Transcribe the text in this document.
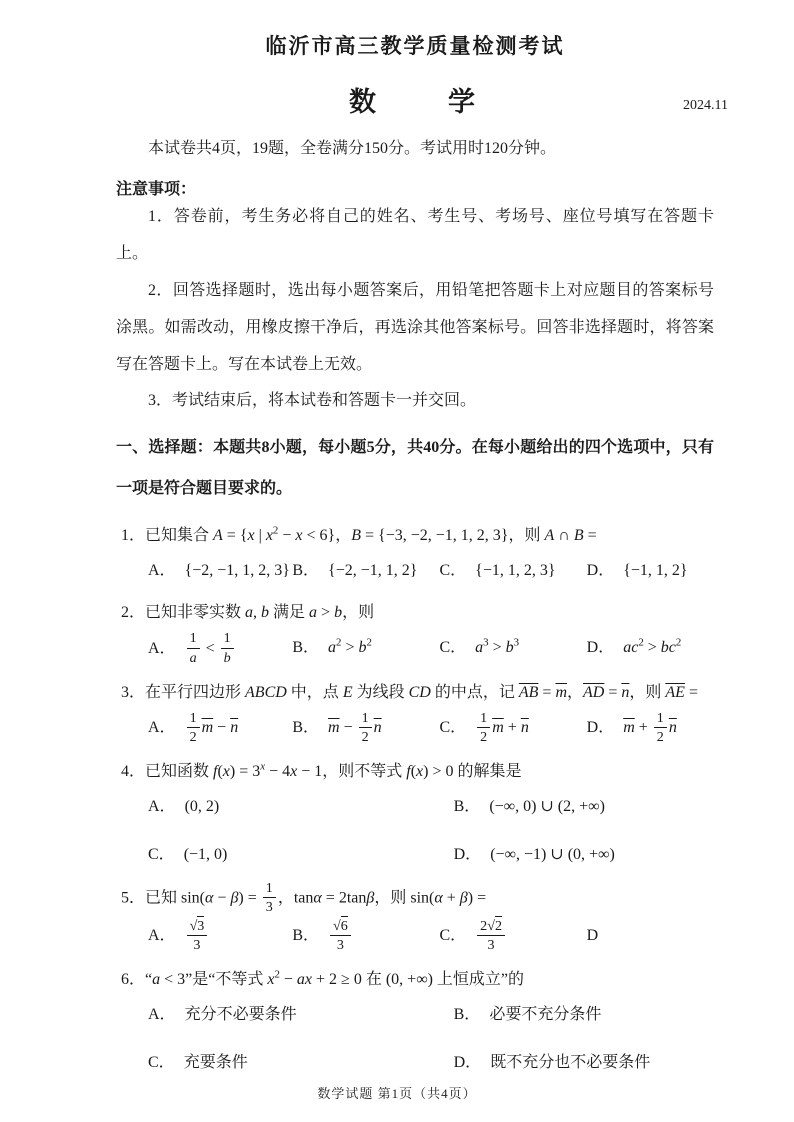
临沂市高三教学质量检测考试
数　　学	2024.11

本试卷共4页，19题，全卷满分150分。考试用时120分钟。

注意事项：

1．答卷前，考生务必将自己的姓名、考生号、考场号、座位号填写在答题卡上。

2．回答选择题时，选出每小题答案后，用铅笔把答题卡上对应题目的答案标号涂黑。如需改动，用橡皮擦干净后，再选涂其他答案标号。回答非选择题时，将答案写在答题卡上。写在本试卷上无效。

3．考试结束后，将本试卷和答题卡一并交回。

一、选择题：本题共8小题，每小题5分，共40分。在每小题给出的四个选项中，只有一项是符合题目要求的。

1．已知集合 A = {x | $x^2 - x < 6$}，B = {−3, −2, −1, 1, 2, 3}，则 A ∩ B =

A． {−2, −1, 1, 2, 3} B． {−2, −1, 1, 2}	C． {−1, 1, 2, 3}	D． {−1, 1, 2}

2．已知非零实数 a, b 满足 a > b，则

A． $\frac{1}{a} < \frac{1}{b}$	B． $a^2 > b^2$	C． $a^3 > b^3$	D． $ac^2 > bc^2$

3．在平行四边形 ABCD 中，点 E 为线段 CD 的中点，记 $\overline{AB} = \overline{m}$，$\overline{AD} = \overline{n}$，则 $\overline{AE}$ =

A． $\frac{1}{2} \overline{m} - \overline{n}$	B． $\overline{m} - \frac{1}{2} \overline{n}$	C． $\frac{1}{2} \overline{m} + \overline{n}$	D． $\overline{m} + \frac{1}{2} \overline{n}$

4．已知函数 $f(x) = 3^x - 4x - 1$，则不等式 f(x) > 0 的解集是

A． (0, 2)	B． (−∞, 0) ∪ (2, +∞)
C． (−1, 0)	D． (−∞, −1) ∪ (0, +∞)

5．已知 $\sin(\alpha - \beta) = \frac{1}{3}$ ，tanα = 2tanβ，则 sin(α + β) =

A． $\frac{√3}{3}$	B． $\frac{√6}{3}$	C． $\frac{2√2}{3}$	D

6．“a < 3”是“不等式 $x^2$ − ax + 2 ≥ 0 在 (0, +∞) 上恒成立”的

A． 充分不必要条件	B． 必要不充分条件
C． 充要条件	D． 既不充分也不必要条件
数学试题 第1页（共4页）
